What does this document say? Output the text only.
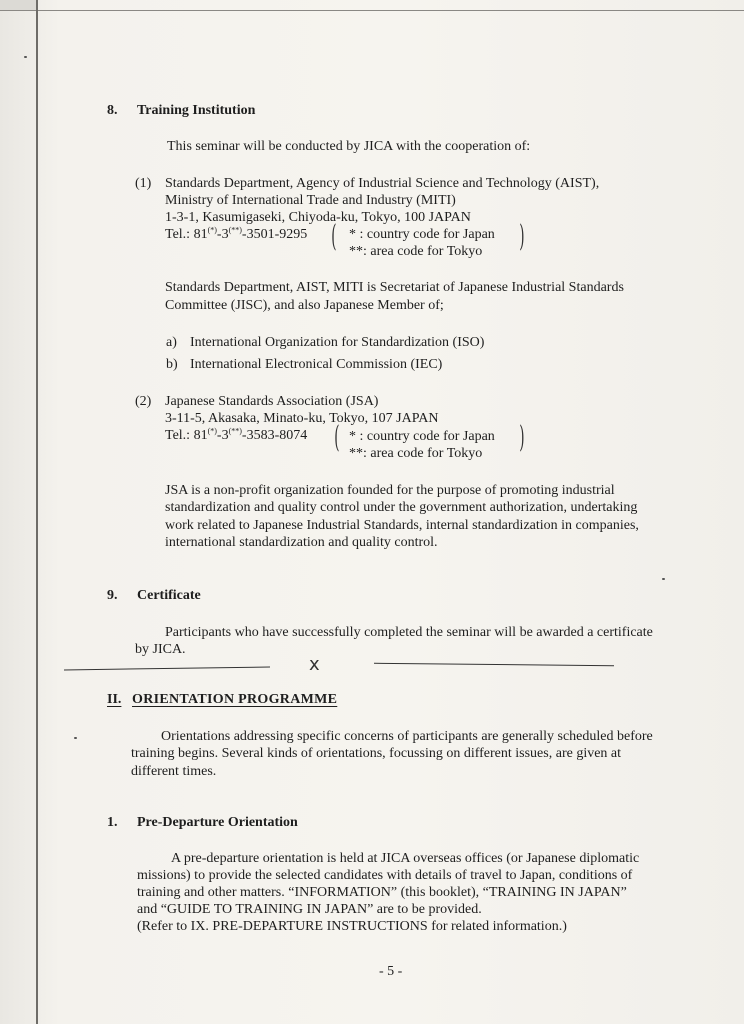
8. Training Institution
This seminar will be conducted by JICA with the cooperation of:
(1) Standards Department, Agency of Industrial Science and Technology (AIST),
Ministry of International Trade and Industry (MITI)
1-3-1, Kasumigaseki, Chiyoda-ku, Tokyo, 100 JAPAN
Tel.: 81(*)-3(**)-3501-9295 ( * : country code for Japan
**: area code for Tokyo )
Standards Department, AIST, MITI is Secretariat of Japanese Industrial Standards
Committee (JISC), and also Japanese Member of;
a) International Organization for Standardization (ISO)
b) International Electronical Commission (IEC)
(2) Japanese Standards Association (JSA)
3-11-5, Akasaka, Minato-ku, Tokyo, 107 JAPAN
Tel.: 81(*)-3(**)-3583-8074 ( * : country code for Japan
**: area code for Tokyo )
JSA is a non-profit organization founded for the purpose of promoting industrial
standardization and quality control under the government authorization, undertaking
work related to Japanese Industrial Standards, internal standardization in companies,
international standardization and quality control.
9. Certificate
Participants who have successfully completed the seminar will be awarded a certificate
by JICA.
ⅹ
II. ORIENTATION PROGRAMME
Orientations addressing specific concerns of participants are generally scheduled before
training begins. Several kinds of orientations, focussing on different issues, are given at
different times.
1. Pre-Departure Orientation
A pre-departure orientation is held at JICA overseas offices (or Japanese diplomatic
missions) to provide the selected candidates with details of travel to Japan, conditions of
training and other matters. “INFORMATION” (this booklet), “TRAINING IN JAPAN”
and “GUIDE TO TRAINING IN JAPAN” are to be provided.
(Refer to IX. PRE-DEPARTURE INSTRUCTIONS for related information.)
- 5 -
